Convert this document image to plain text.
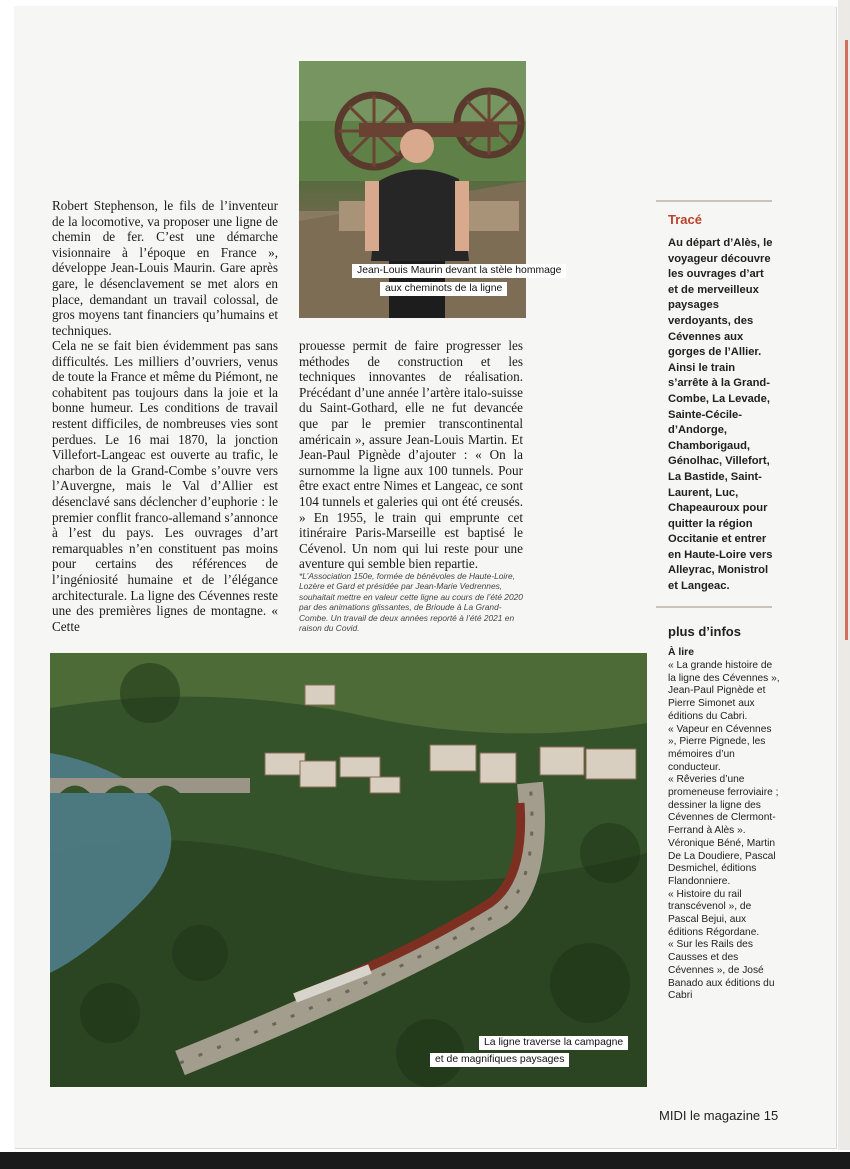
Jean-Louis Maurin devant la stèle hommage
aux cheminots de la ligne

Robert Stephenson, le fils de l’inventeur de la locomotive, va proposer une ligne de chemin de fer. C’est une démarche visionnaire à l’époque en France », développe Jean-Louis Maurin. Gare après gare, le désenclavement se met alors en place, demandant un travail colossal, de gros moyens tant financiers qu’humains et techniques.

Cela ne se fait bien évidemment pas sans difficultés. Les milliers d’ouvriers, venus de toute la France et même du Piémont, ne cohabitent pas toujours dans la joie et la bonne humeur. Les conditions de travail restent difficiles, de nombreuses vies sont perdues. Le 16 mai 1870, la jonction Villefort-Langeac est ouverte au trafic, le charbon de la Grand-Combe s’ouvre vers l’Auvergne, mais le Val d’Allier est désenclavé sans déclencher d’euphorie : le premier conflit franco-allemand s’annonce à l’est du pays. Les ouvrages d’art remarquables n’en constituent pas moins pour certains des références de l’ingéniosité humaine et de l’élégance architecturale. La ligne des Cévennes reste une des premières lignes de montagne. « Cette

prouesse permit de faire progresser les méthodes de construction et les techniques innovantes de réalisation. Précédant d’une année l’artère italo-suisse du Saint-Gothard, elle ne fut devancée que par le premier transcontinental américain », assure Jean-Louis Martin. Et Jean-Paul Pignède d’ajouter : « On la surnomme la ligne aux 100 tunnels. Pour être exact entre Nimes et Langeac, ce sont 104 tunnels et galeries qui ont été creusés. » En 1955, le train qui emprunte cet itinéraire Paris-Marseille est baptisé le Cévenol. Un nom qui lui reste pour une aventure qui semble bien repartie.

*L’Association 150e, formée de bénévoles de Haute-Loire, Lozère et Gard et présidée par Jean-Marie Vedrennes, souhaitait mettre en valeur cette ligne au cours de l’été 2020 par des animations glissantes, de Brioude à La Grand-Combe. Un travail de deux années reporté à l’été 2021 en raison du Covid.

Tracé

Au départ d’Alès, le voyageur découvre les ouvrages d’art et de merveilleux paysages verdoyants, des Cévennes aux gorges de l’Allier. Ainsi le train s’arrête à la Grand-Combe, La Levade, Sainte-Cécile-d’Andorge, Chamborigaud, Génolhac, Villefort, La Bastide, Saint-Laurent, Luc, Chapeauroux pour quitter la région Occitanie et entrer en Haute-Loire vers Alleyrac, Monistrol et Langeac.

plus d’infos

À lire

« La grande histoire de la ligne des Cévennes », Jean-Paul Pignède et Pierre Simonet aux éditions du Cabri.
« Vapeur en Cévennes », Pierre Pignede, les mémoires d’un conducteur.
« Rêveries d’une promeneuse ferroviaire ; dessiner la ligne des Cévennes de Clermont-Ferrand à Alès ». Véronique Béné, Martin De La Doudiere, Pascal Desmichel, éditions Flandonniere.
« Histoire du rail transcévenol », de Pascal Bejui, aux éditions Régordane.
« Sur les Rails des Causses et des Cévennes », de José Banado aux éditions du Cabri

La ligne traverse la campagne
et de magnifiques paysages

MIDI le magazine 15
